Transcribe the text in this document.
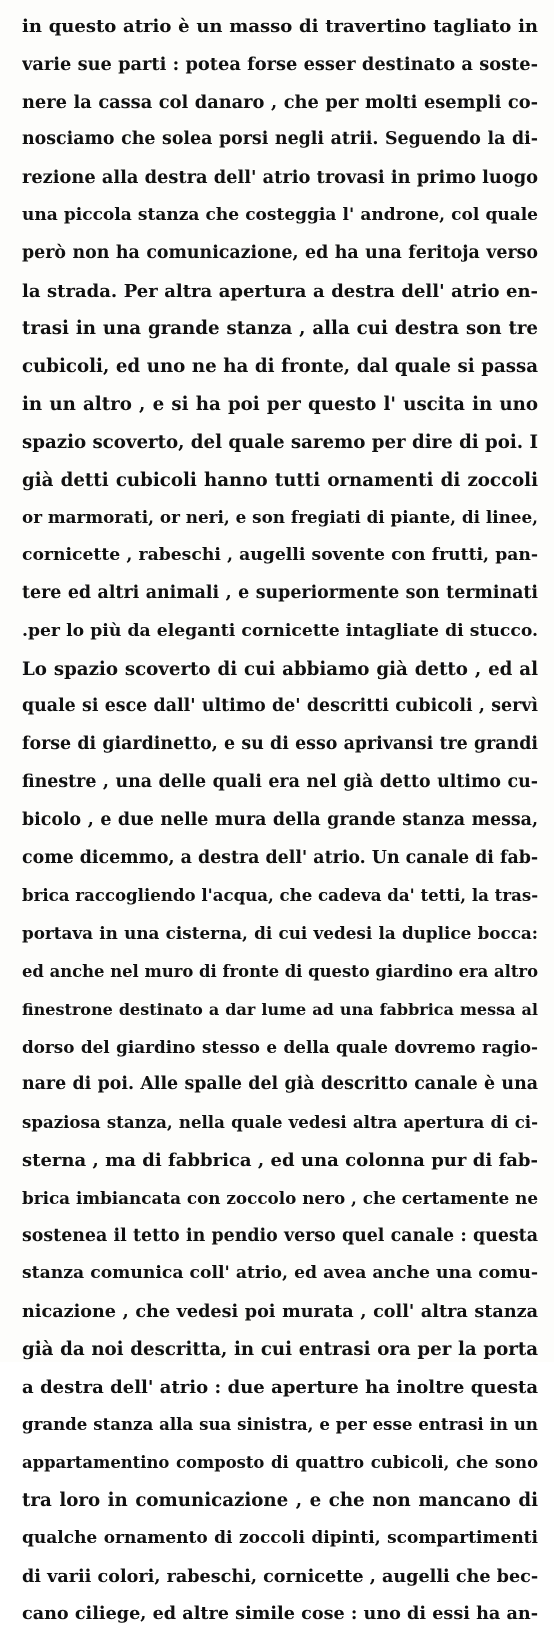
in questo atrio è un masso di travertino tagliato in
varie sue parti : potea forse esser destinato a soste-
nere la cassa col danaro , che per molti esempli co-
nosciamo che solea porsi negli atrii. Seguendo la di-
rezione alla destra dell' atrio trovasi in primo luogo
una piccola stanza che costeggia l' androne, col quale
però non ha comunicazione, ed ha una feritoja verso
la strada. Per altra apertura a destra dell' atrio en-
trasi in una grande stanza , alla cui destra son tre
cubicoli, ed uno ne ha di fronte, dal quale si passa
in un altro , e si ha poi per questo l' uscita in uno
spazio scoverto, del quale saremo per dire di poi. I
già detti cubicoli hanno tutti ornamenti di zoccoli
or marmorati, or neri, e son fregiati di piante, di linee,
cornicette , rabeschi , augelli sovente con frutti, pan-
tere ed altri animali , e superiormente son terminati
.per lo più da eleganti cornicette intagliate di stucco.
Lo spazio scoverto di cui abbiamo già detto , ed al
quale si esce dall' ultimo de' descritti cubicoli , servì
forse di giardinetto, e su di esso aprivansi tre grandi
finestre , una delle quali era nel già detto ultimo cu-
bicolo , e due nelle mura della grande stanza messa,
come dicemmo, a destra dell' atrio. Un canale di fab-
brica raccogliendo l'acqua, che cadeva da' tetti, la tras-
portava in una cisterna, di cui vedesi la duplice bocca:
ed anche nel muro di fronte di questo giardino era altro
finestrone destinato a dar lume ad una fabbrica messa al
dorso del giardino stesso e della quale dovremo ragio-
nare di poi. Alle spalle del già descritto canale è una
spaziosa stanza, nella quale vedesi altra apertura di ci-
sterna , ma di fabbrica , ed una colonna pur di fab-
brica imbiancata con zoccolo nero , che certamente ne
sostenea il tetto in pendio verso quel canale : questa
stanza comunica coll' atrio, ed avea anche una comu-
nicazione , che vedesi poi murata , coll' altra stanza
già da noi descritta, in cui entrasi ora per la porta
a destra dell' atrio : due aperture ha inoltre questa
grande stanza alla sua sinistra, e per esse entrasi in un
appartamentino composto di quattro cubicoli, che sono
tra loro in comunicazione , e che non mancano di
qualche ornamento di zoccoli dipinti, scompartimenti
di varii colori, rabeschi, cornicette , augelli che bec-
cano ciliege, ed altre simile cose : uno di essi ha an-
